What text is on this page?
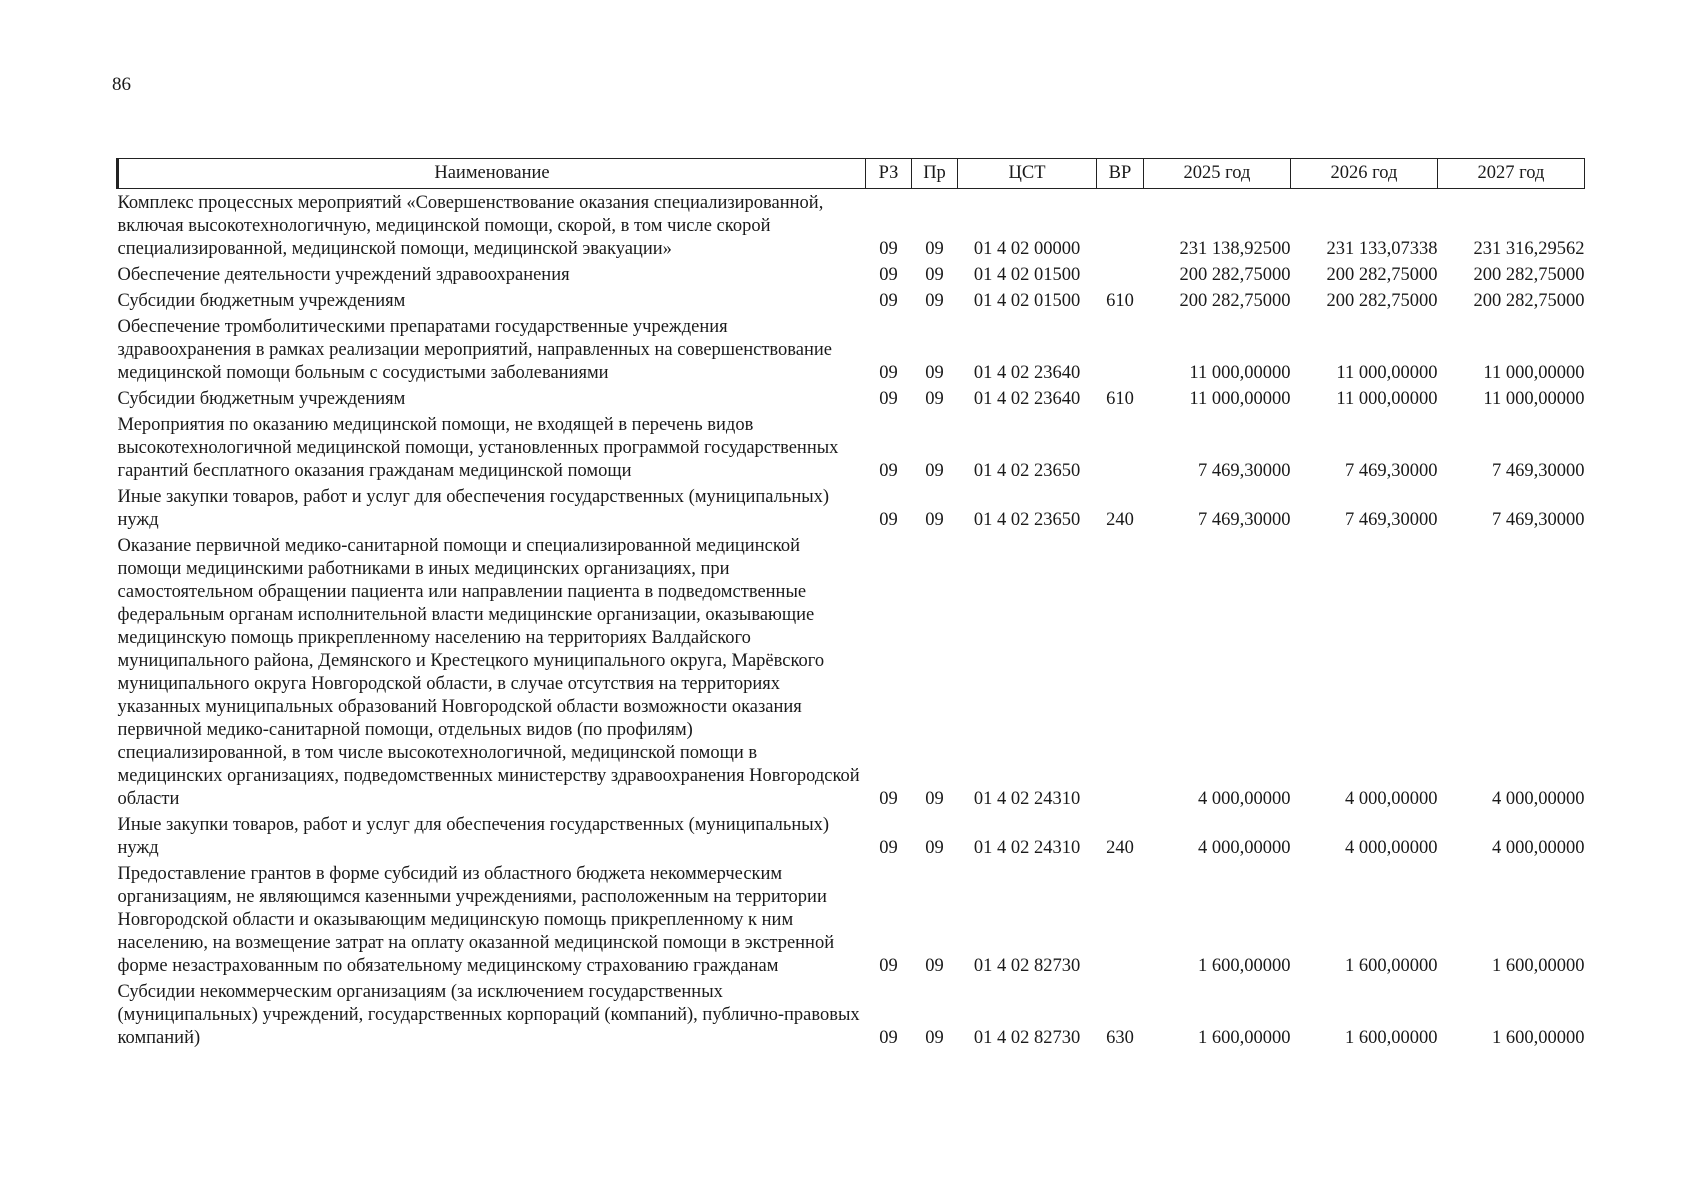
86
Наименование	РЗ	Пр	ЦСТ	ВР	2025 год	2026 год	2027 год
Комплекс процессных мероприятий «Совершенствование оказания специализированной, включая высокотехнологичную, медицинской помощи, скорой, в том числе скорой специализированной, медицинской помощи, медицинской эвакуации»	09	09	01 4 02 00000		231 138,92500	231 133,07338	231 316,29562
Обеспечение деятельности учреждений здравоохранения	09	09	01 4 02 01500		200 282,75000	200 282,75000	200 282,75000
Субсидии бюджетным учреждениям	09	09	01 4 02 01500	610	200 282,75000	200 282,75000	200 282,75000
Обеспечение тромболитическими препаратами государственные учреждения здравоохранения в рамках реализации мероприятий, направленных на совершенствование медицинской помощи больным с сосудистыми заболеваниями	09	09	01 4 02 23640		11 000,00000	11 000,00000	11 000,00000
Субсидии бюджетным учреждениям	09	09	01 4 02 23640	610	11 000,00000	11 000,00000	11 000,00000
Мероприятия по оказанию медицинской помощи, не входящей в перечень видов высокотехнологичной медицинской помощи, установленных программой государственных гарантий бесплатного оказания гражданам медицинской помощи	09	09	01 4 02 23650		7 469,30000	7 469,30000	7 469,30000
Иные закупки товаров, работ и услуг для обеспечения государственных (муниципальных) нужд	09	09	01 4 02 23650	240	7 469,30000	7 469,30000	7 469,30000
Оказание первичной медико-санитарной помощи и специализированной медицинской помощи медицинскими работниками в иных медицинских организациях, при самостоятельном обращении пациента или направлении пациента в подведомственные федеральным органам исполнительной власти медицинские организации, оказывающие медицинскую помощь прикрепленному населению на территориях Валдайского муниципального района, Демянского и Крестецкого муниципального округа, Марёвского муниципального округа Новгородской области, в случае отсутствия на территориях указанных муниципальных образований Новгородской области возможности оказания первичной медико-санитарной помощи, отдельных видов (по профилям) специализированной, в том числе высокотехнологичной, медицинской помощи в медицинских организациях, подведомственных министерству здравоохранения Новгородской области	09	09	01 4 02 24310		4 000,00000	4 000,00000	4 000,00000
Иные закупки товаров, работ и услуг для обеспечения государственных (муниципальных) нужд	09	09	01 4 02 24310	240	4 000,00000	4 000,00000	4 000,00000
Предоставление грантов в форме субсидий из областного бюджета некоммерческим организациям, не являющимся казенными учреждениями, расположенным на территории Новгородской области и оказывающим медицинскую помощь прикрепленному к ним населению, на возмещение затрат на оплату оказанной медицинской помощи в экстренной форме незастрахованным по обязательному медицинскому страхованию гражданам	09	09	01 4 02 82730		1 600,00000	1 600,00000	1 600,00000
Субсидии некоммерческим организациям (за исключением государственных (муниципальных) учреждений, государственных корпораций (компаний), публично-правовых компаний)	09	09	01 4 02 82730	630	1 600,00000	1 600,00000	1 600,00000
